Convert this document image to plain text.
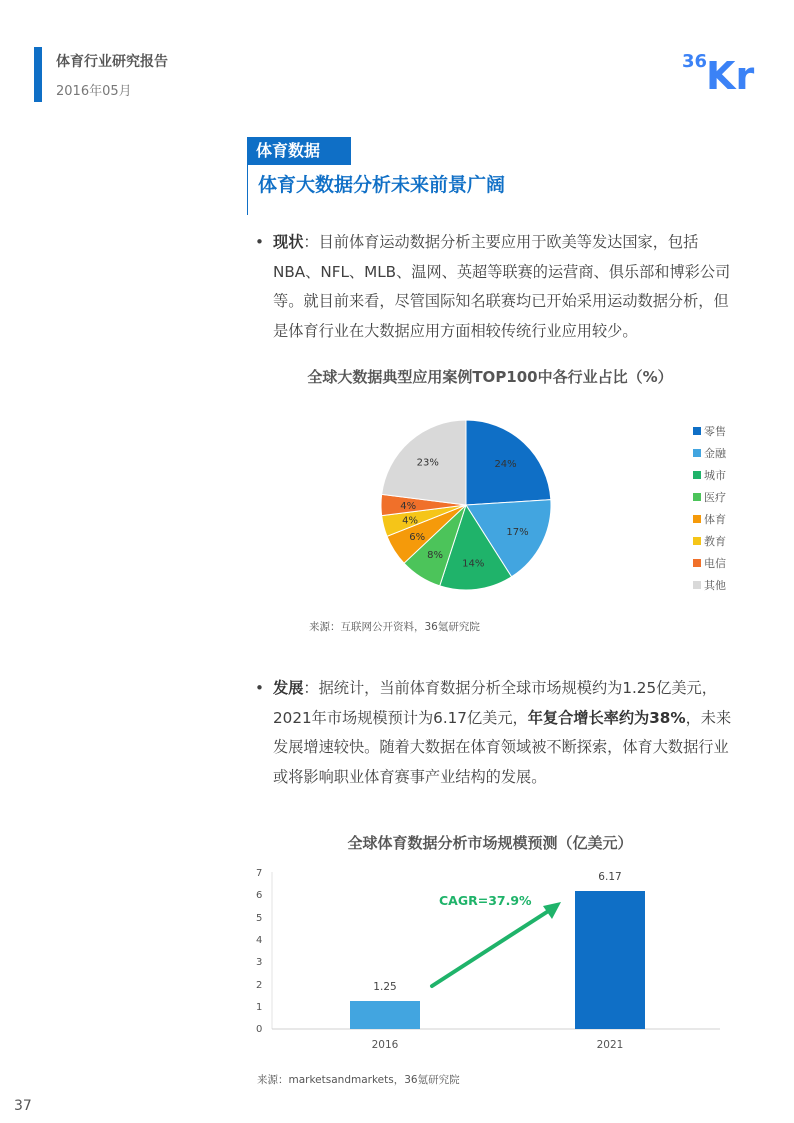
体育行业研究报告
2016年05月
36
Kr
体育数据
体育大数据分析未来前景广阔
• 现状：目前体育运动数据分析主要应用于欧美等发达国家，包括NBA、NFL、MLB、温网、英超等联赛的运营商、俱乐部和博彩公司等。就目前来看，尽管国际知名联赛均已开始采用运动数据分析，但是体育行业在大数据应用方面相较传统行业应用较少。
全球大数据典型应用案例TOP100中各行业占比（%）
24%
17%
14%
8%
6%
4%
4%
23%
零售
金融
城市
医疗
体育
教育
电信
其他
来源：互联网公开资料，36氪研究院
• 发展：据统计，当前体育数据分析全球市场规模约为1.25亿美元，2021年市场规模预计为6.17亿美元，年复合增长率约为38%，未来发展增速较快。随着大数据在体育领域被不断探索，体育大数据行业或将影响职业体育赛事产业结构的发展。
全球体育数据分析市场规模预测（亿美元）
0
1
2
3
4
5
6
7
1.25
6.17
2016	2021
CAGR=37.9%
来源：marketsandmarkets，36氪研究院
37
